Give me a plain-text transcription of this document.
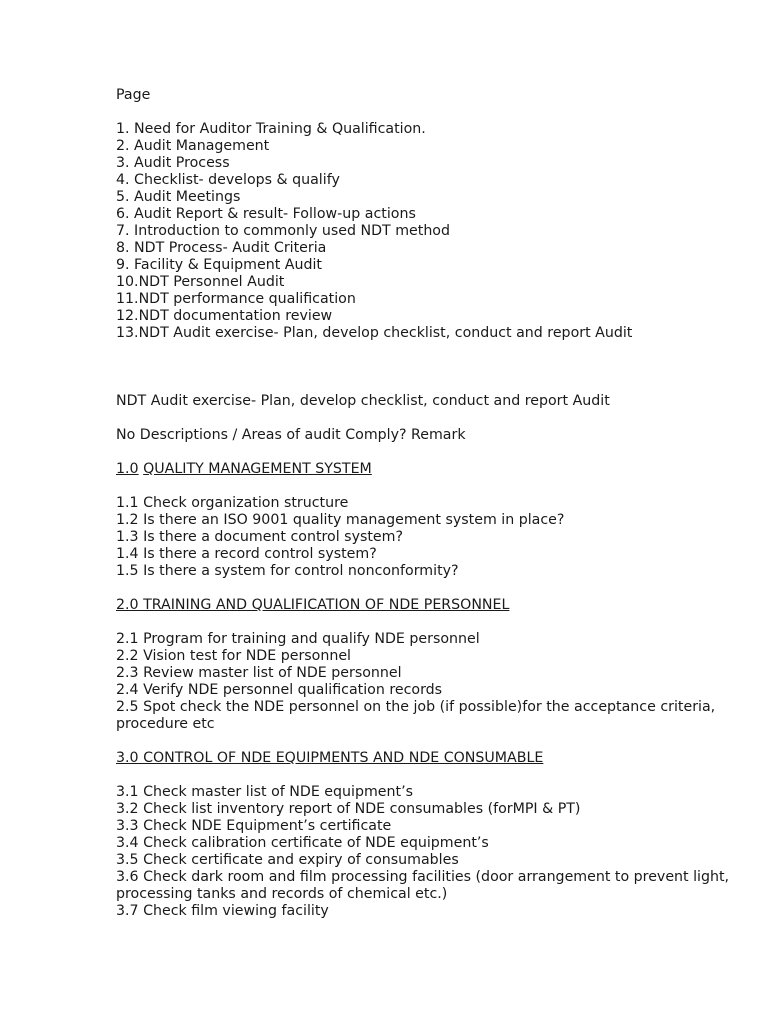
Page
1. Need for Auditor Training & Qualification.
2. Audit Management
3. Audit Process
4. Checklist- develops & qualify
5. Audit Meetings
6. Audit Report & result- Follow-up actions
7. Introduction to commonly used NDT method
8. NDT Process- Audit Criteria
9. Facility & Equipment Audit
10.NDT Personnel Audit
11.NDT performance qualification
12.NDT documentation review
13.NDT Audit exercise- Plan, develop checklist, conduct and report Audit
NDT Audit exercise- Plan, develop checklist, conduct and report Audit
No Descriptions / Areas of audit Comply? Remark
1.0 QUALITY MANAGEMENT SYSTEM
1.1 Check organization structure
1.2 Is there an ISO 9001 quality management system in place?
1.3 Is there a document control system?
1.4 Is there a record control system?
1.5 Is there a system for control nonconformity?
2.0 TRAINING AND QUALIFICATION OF NDE PERSONNEL
2.1 Program for training and qualify NDE personnel
2.2 Vision test for NDE personnel
2.3 Review master list of NDE personnel
2.4 Verify NDE personnel qualification records
2.5 Spot check the NDE personnel on the job (if possible)for the acceptance criteria, procedure etc
3.0 CONTROL OF NDE EQUIPMENTS AND NDE CONSUMABLE
3.1 Check master list of NDE equipment’s
3.2 Check list inventory report of NDE consumables (forMPI & PT)
3.3 Check NDE Equipment’s certificate
3.4 Check calibration certificate of NDE equipment’s
3.5 Check certificate and expiry of consumables
3.6 Check dark room and film processing facilities (door arrangement to prevent light, processing tanks and records of chemical etc.)
3.7 Check film viewing facility
